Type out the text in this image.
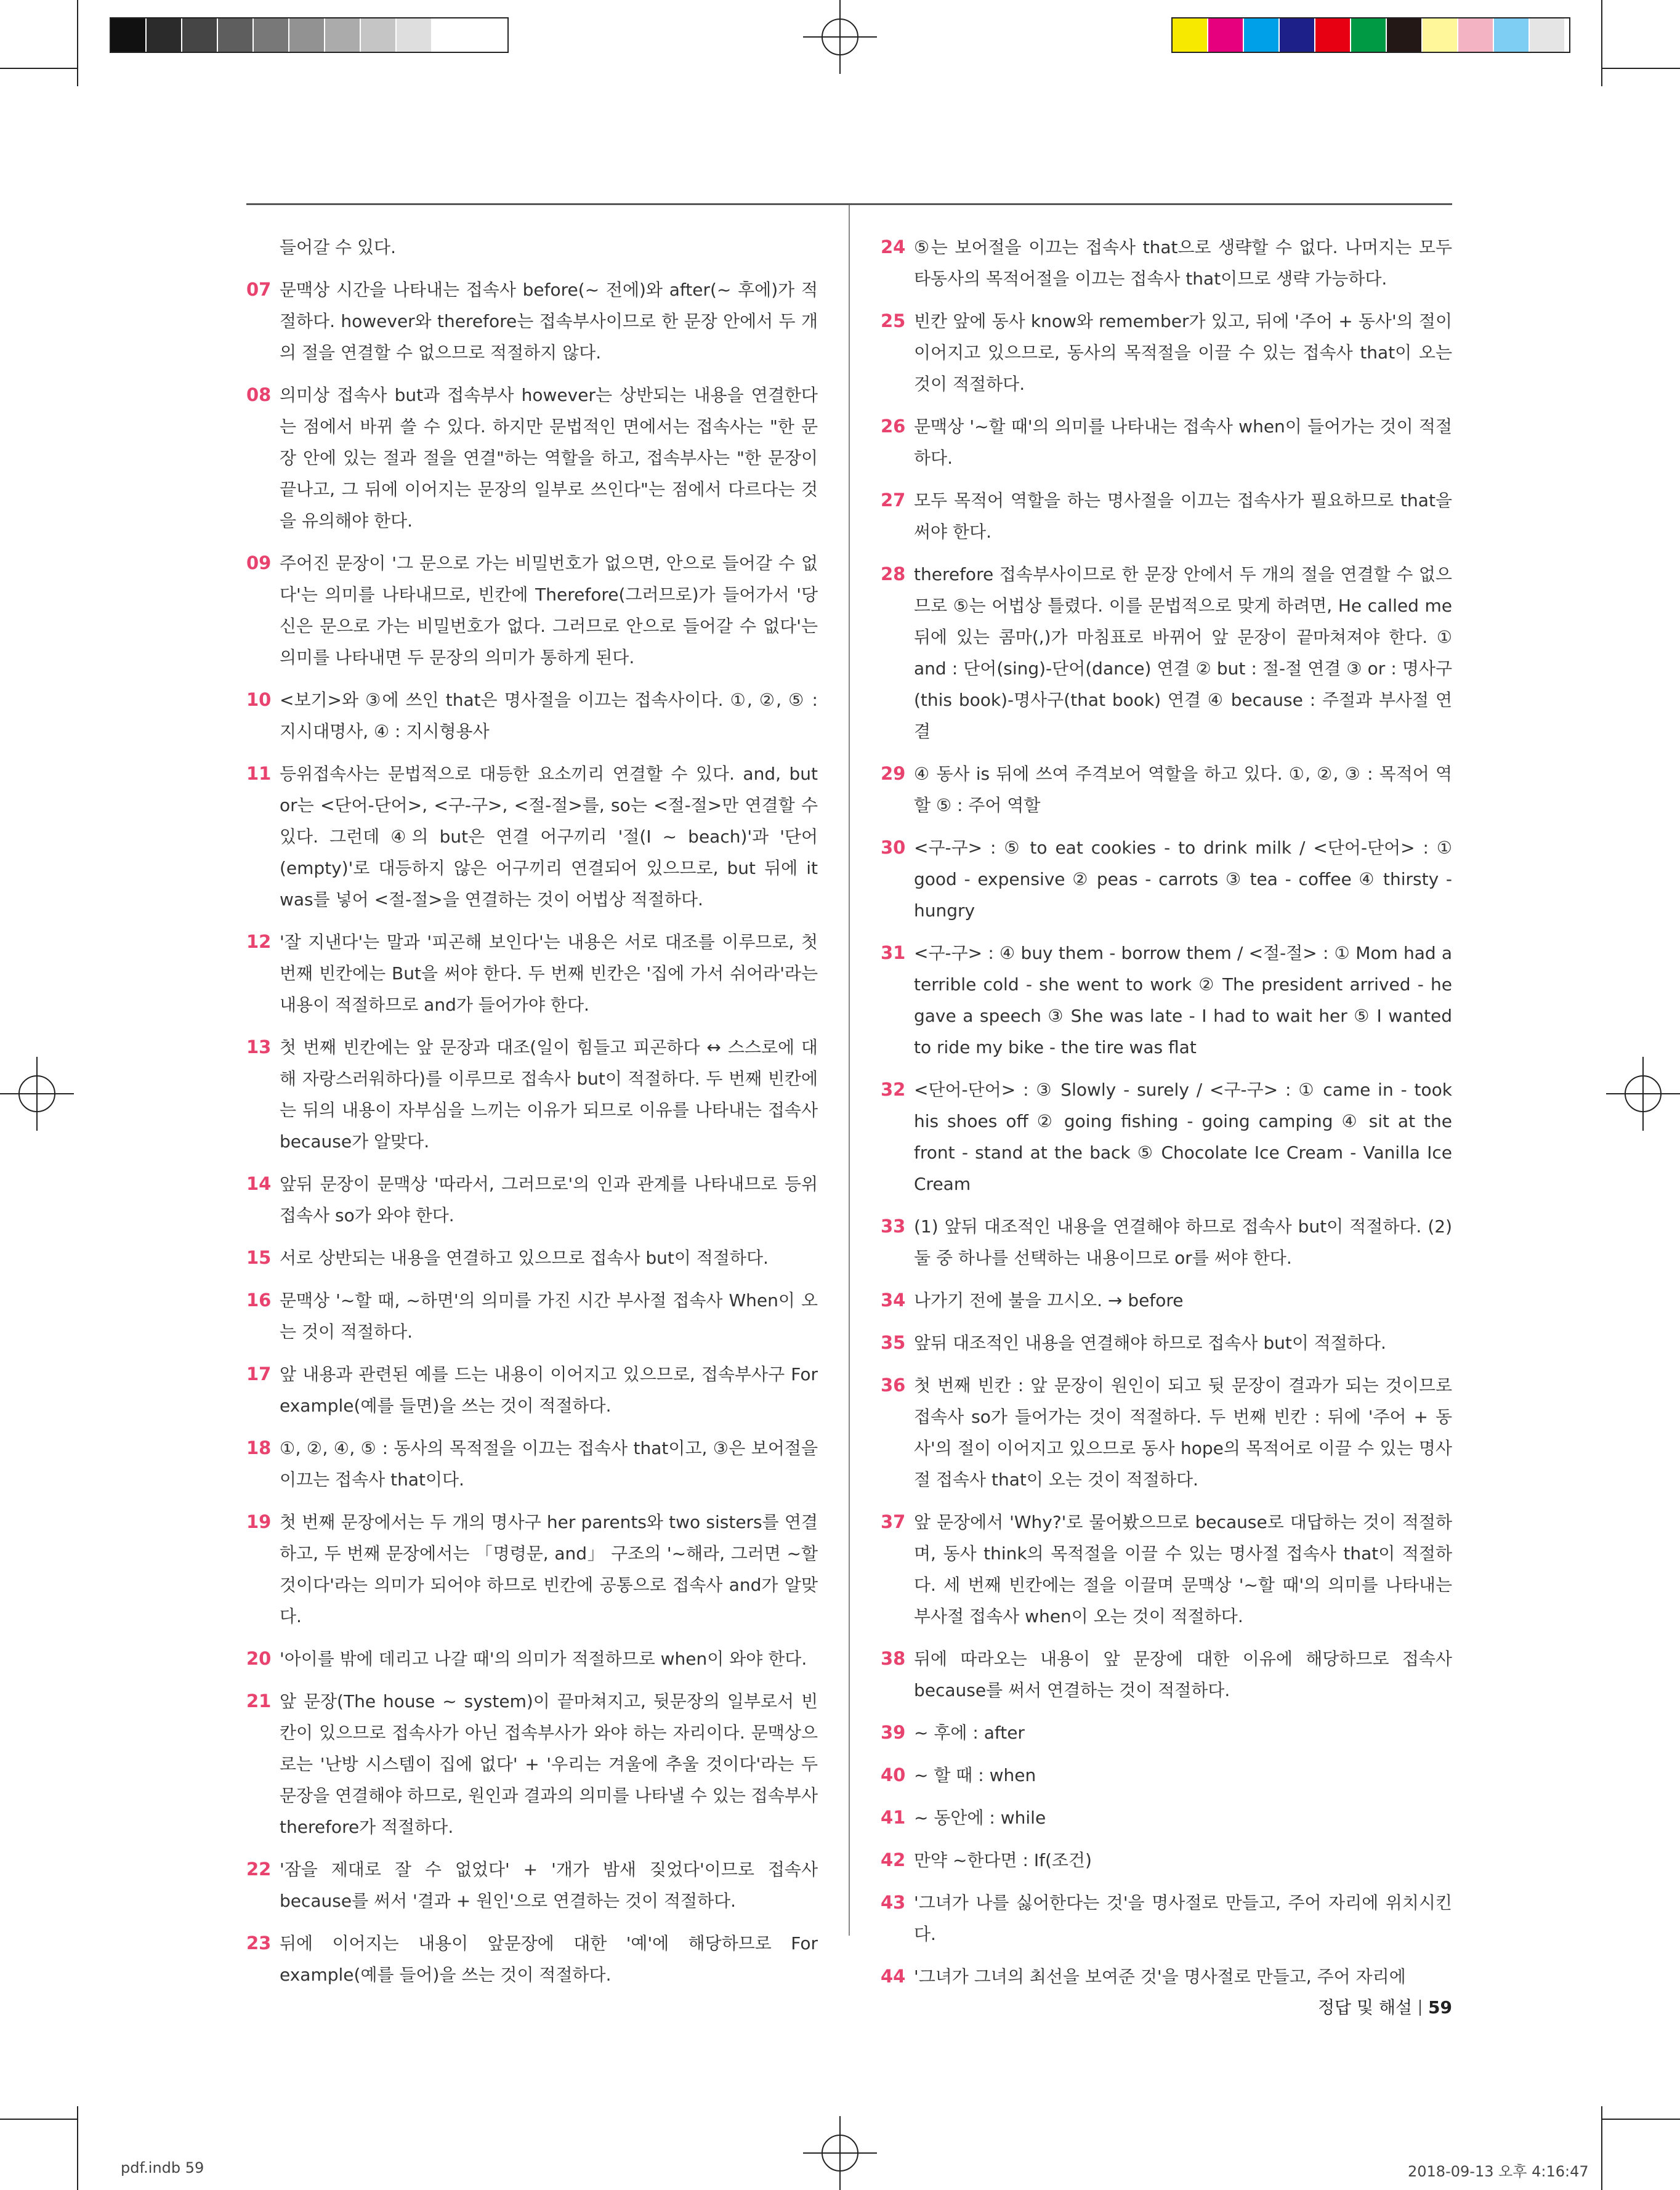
들어갈 수 있다.
07 문맥상 시간을 나타내는 접속사 before(~ 전에)와 after(~ 후에)가 적절하다. however와 therefore는 접속부사이므로 한 문장 안에서 두 개의 절을 연결할 수 없으므로 적절하지 않다.
08 의미상 접속사 but과 접속부사 however는 상반되는 내용을 연결한다는 점에서 바뀌 쓸 수 있다. 하지만 문법적인 면에서는 접속사는 "한 문장 안에 있는 절과 절을 연결"하는 역할을 하고, 접속부사는 "한 문장이 끝나고, 그 뒤에 이어지는 문장의 일부로 쓰인다"는 점에서 다르다는 것을 유의해야 한다.
09 주어진 문장이 '그 문으로 가는 비밀번호가 없으면, 안으로 들어갈 수 없다'는 의미를 나타내므로, 빈칸에 Therefore(그러므로)가 들어가서 '당신은 문으로 가는 비밀번호가 없다. 그러므로 안으로 들어갈 수 없다'는 의미를 나타내면 두 문장의 의미가 통하게 된다.
10 <보기>와 ③에 쓰인 that은 명사절을 이끄는 접속사이다. ①, ②, ⑤ : 지시대명사, ④ : 지시형용사
11 등위접속사는 문법적으로 대등한 요소끼리 연결할 수 있다. and, but or는 <단어-단어>, <구-구>, <절-절>를, so는 <절-절>만 연결할 수 있다. 그런데 ④의 but은 연결 어구끼리 '절(I ~ beach)'과 '단어(empty)'로 대등하지 않은 어구끼리 연결되어 있으므로, but 뒤에 it was를 넣어 <절-절>을 연결하는 것이 어법상 적절하다.
12 '잘 지낸다'는 말과 '피곤해 보인다'는 내용은 서로 대조를 이루므로, 첫 번째 빈칸에는 But을 써야 한다. 두 번째 빈칸은 '집에 가서 쉬어라'라는 내용이 적절하므로 and가 들어가야 한다.
13 첫 번째 빈칸에는 앞 문장과 대조(일이 힘들고 피곤하다 ↔ 스스로에 대해 자랑스러워하다)를 이루므로 접속사 but이 적절하다. 두 번째 빈칸에는 뒤의 내용이 자부심을 느끼는 이유가 되므로 이유를 나타내는 접속사 because가 알맞다.
14 앞뒤 문장이 문맥상 '따라서, 그러므로'의 인과 관계를 나타내므로 등위접속사 so가 와야 한다.
15 서로 상반되는 내용을 연결하고 있으므로 접속사 but이 적절하다.
16 문맥상 '~할 때, ~하면'의 의미를 가진 시간 부사절 접속사 When이 오는 것이 적절하다.
17 앞 내용과 관련된 예를 드는 내용이 이어지고 있으므로, 접속부사구 For example(예를 들면)을 쓰는 것이 적절하다.
18 ①, ②, ④, ⑤ : 동사의 목적절을 이끄는 접속사 that이고, ③은 보어절을 이끄는 접속사 that이다.
19 첫 번째 문장에서는 두 개의 명사구 her parents와 two sisters를 연결하고, 두 번째 문장에서는 「명령문, and」 구조의 '~해라, 그러면 ~할 것이다'라는 의미가 되어야 하므로 빈칸에 공통으로 접속사 and가 알맞다.
20 '아이를 밖에 데리고 나갈 때'의 의미가 적절하므로 when이 와야 한다.
21 앞 문장(The house ~ system)이 끝마쳐지고, 뒷문장의 일부로서 빈칸이 있으므로 접속사가 아닌 접속부사가 와야 하는 자리이다. 문맥상으로는 '난방 시스템이 집에 없다' + '우리는 겨울에 추울 것이다'라는 두 문장을 연결해야 하므로, 원인과 결과의 의미를 나타낼 수 있는 접속부사 therefore가 적절하다.
22 '잠을 제대로 잘 수 없었다' + '개가 밤새 짖었다'이므로 접속사 because를 써서 '결과 + 원인'으로 연결하는 것이 적절하다.
23 뒤에 이어지는 내용이 앞문장에 대한 '예'에 해당하므로 For example(예를 들어)을 쓰는 것이 적절하다.
24 ⑤는 보어절을 이끄는 접속사 that으로 생략할 수 없다. 나머지는 모두 타동사의 목적어절을 이끄는 접속사 that이므로 생략 가능하다.
25 빈칸 앞에 동사 know와 remember가 있고, 뒤에 '주어 + 동사'의 절이 이어지고 있으므로, 동사의 목적절을 이끌 수 있는 접속사 that이 오는 것이 적절하다.
26 문맥상 '~할 때'의 의미를 나타내는 접속사 when이 들어가는 것이 적절하다.
27 모두 목적어 역할을 하는 명사절을 이끄는 접속사가 필요하므로 that을 써야 한다.
28 therefore 접속부사이므로 한 문장 안에서 두 개의 절을 연결할 수 없으므로 ⑤는 어법상 틀렸다. 이를 문법적으로 맞게 하려면, He called me 뒤에 있는 콤마(,)가 마침표로 바뀌어 앞 문장이 끝마쳐져야 한다. ① and : 단어(sing)-단어(dance) 연결 ② but : 절-절 연결 ③ or : 명사구(this book)-명사구(that book) 연결 ④ because : 주절과 부사절 연결
29 ④ 동사 is 뒤에 쓰여 주격보어 역할을 하고 있다. ①, ②, ③ : 목적어 역할 ⑤ : 주어 역할
30 <구-구> : ⑤ to eat cookies - to drink milk / <단어-단어> : ① good - expensive ② peas - carrots ③ tea - coffee ④ thirsty - hungry
31 <구-구> : ④ buy them - borrow them / <절-절> : ① Mom had a terrible cold - she went to work ② The president arrived - he gave a speech ③ She was late - I had to wait her ⑤ I wanted to ride my bike - the tire was flat
32 <단어-단어> : ③ Slowly - surely / <구-구> : ① came in - took his shoes off ② going fishing - going camping ④ sit at the front - stand at the back ⑤ Chocolate Ice Cream - Vanilla Ice Cream
33 (1) 앞뒤 대조적인 내용을 연결해야 하므로 접속사 but이 적절하다. (2) 둘 중 하나를 선택하는 내용이므로 or를 써야 한다.
34 나가기 전에 불을 끄시오. → before
35 앞뒤 대조적인 내용을 연결해야 하므로 접속사 but이 적절하다.
36 첫 번째 빈칸 : 앞 문장이 원인이 되고 뒷 문장이 결과가 되는 것이므로 접속사 so가 들어가는 것이 적절하다. 두 번째 빈칸 : 뒤에 '주어 + 동사'의 절이 이어지고 있으므로 동사 hope의 목적어로 이끌 수 있는 명사절 접속사 that이 오는 것이 적절하다.
37 앞 문장에서 'Why?'로 물어봤으므로 because로 대답하는 것이 적절하며, 동사 think의 목적절을 이끌 수 있는 명사절 접속사 that이 적절하다. 세 번째 빈칸에는 절을 이끌며 문맥상 '~할 때'의 의미를 나타내는 부사절 접속사 when이 오는 것이 적절하다.
38 뒤에 따라오는 내용이 앞 문장에 대한 이유에 해당하므로 접속사 because를 써서 연결하는 것이 적절하다.
39 ~ 후에 : after
40 ~ 할 때 : when
41 ~ 동안에 : while
42 만약 ~한다면 : If(조건)
43 '그녀가 나를 싫어한다는 것'을 명사절로 만들고, 주어 자리에 위치시킨다.
44 '그녀가 그녀의 최선을 보여준 것'을 명사절로 만들고, 주어 자리에
정답 및 해설 59
pdf.indb 59	2018-09-13 오후 4:16:47
